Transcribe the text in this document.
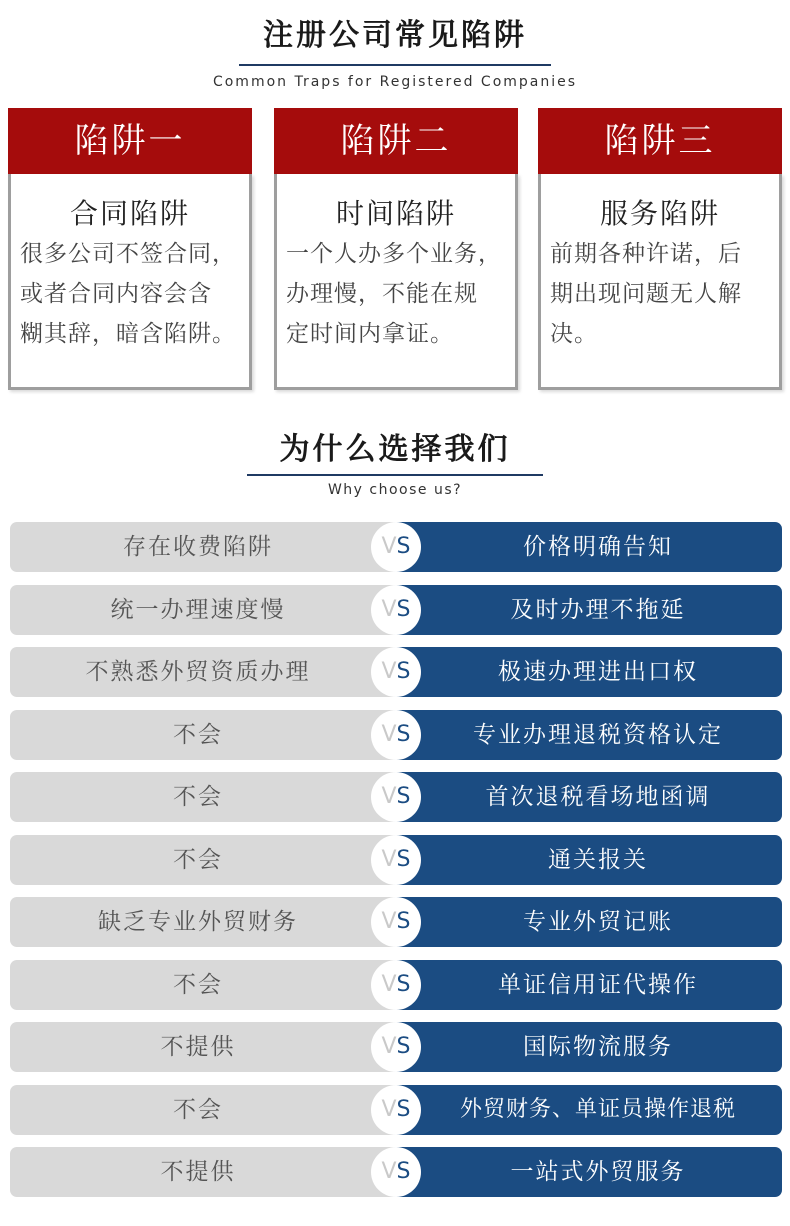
注册公司常见陷阱
Common Traps for Registered Companies
陷阱一
合同陷阱
很多公司不签合同，
或者合同内容会含
糊其辞，暗含陷阱。
陷阱二
时间陷阱
一个人办多个业务，
办理慢，不能在规
定时间内拿证。
陷阱三
服务陷阱
前期各种许诺，后
期出现问题无人解
决。
为什么选择我们
Why choose us?
存在收费陷阱	价格明确告知
VS
统一办理速度慢	及时办理不拖延
VS
不熟悉外贸资质办理	极速办理进出口权
VS
不会	专业办理退税资格认定
VS
不会	首次退税看场地函调
VS
不会	通关报关
VS
缺乏专业外贸财务	专业外贸记账
VS
不会	单证信用证代操作
VS
不提供	国际物流服务
VS
不会	外贸财务、单证员操作退税
VS
不提供	一站式外贸服务
VS
